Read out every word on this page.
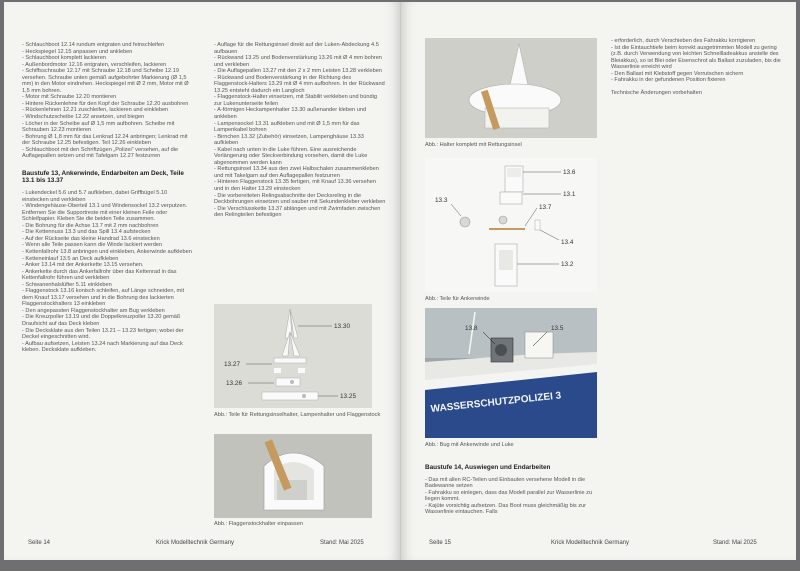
- Schlauchboot 12.14 rundum entgraten und feinschleifen
- Heckspiegel 12.15 anpassen und ankleben
- Schlauchboot komplett lackieren
- Außenbordmotor 12.16 entgraten, verschleifen, lackieren
- Schiffsschraube 12.17 mit Schraube 12.18 und Scheibe 12.19 versehen. Schraube unten gemäß aufgebohrter Markierung (Ø 1,5 mm) in den Motor eindrehen. Heckspiegel mit Ø 2 mm, Motor mit Ø 1,5 mm bohren.
- Motor mit Schraube 12.20 montieren
- Hintere Rückenlehne für den Kopf der Schraube 12.20 ausbohren
- Rückenlehnen 12.21 zuschleifen, lackieren und einkleben
- Windschutzscheibe 12.22 ansetzen, und biegen
- Löcher in der Scheibe auf Ø 1,5 mm aufbohren. Scheibe mit Schrauben 12.23 montieren
- Bohrung Ø 1,8 mm für das Lenkrad 12.24 anbringen; Lenkrad mit der Schraube 12.25 befestigen. Teil 12.26 einkleben
- Schlauchboot mit den Schriftzügen „Polizei“ versehen, auf die Auflagepallen setzen und mit Tafelgarn 12.27 festzurren
Baustufe 13, Ankerwinde, Endarbeiten am Deck, Teile 13.1 bis 13.37
- Lukendeckel 5.6 und 5.7 aufkleben, dabei Griffbügel 5.10 einstecken und verkleben
- Windengehäuse-Oberteil 13.1 und Windensockel 13.2 verputzen. Entfernen Sie die Supportreste mit einer kleinen Feile oder Schleifpapier. Kleben Sie die beiden Teile zusammen.
- Die Bohrung für die Achse 13.7 mit 2 mm nachbohren
- Die Kettennuss 13.3 und das Spill 13.4 aufstecken
- Auf der Rückseite das kleine Handrad 13.6 einstecken
- Wenn alle Teile passen kann die Winde lackiert werden
- Kettenfallrohr 13.8 anbringen und einkleben, Ankerwinde aufkleben
- Ketteneinlauf 13.5 an Deck aufkleben
- Anker 13.14 mit der Ankerkette 13.15 versehen.
- Ankerkette durch das Ankerfallrohr über das Kettenrad in das Kettenfallrohr führen und verkleben
- Schwanenhalslüfter 5.11 einkleben
- Flaggenstock 13.16 konisch schleifen, auf Länge schneiden, mit dem Knauf 13.17 versehen und in die Bohrung des lackierten Flaggenstockhalters 13 einkleben
- Den angepassten Flaggenstockhalter am Bug verkleben
- Die Kreuzpoller 13.19 und die Doppelkreuzpoller 13.20 gemäß Draufsicht auf das Deck kleben
- Die Decksklate aus den Teilen 13.21 – 13.23 fertigen; wobei der Deckel eingeschnitten wird.
- Aufbau aufsetzen, Leisten 13.24 nach Markierung auf das Deck kleben. Decksklate aufkleben.
- Auflage für die Rettungsinsel direkt auf der Luken-Abdeckung 4.5 aufbauen
- Rückwand 13.25 und Bodenverstärkung 13.26 mit Ø 4 mm bohren und verkleben
- Die Auflagepallen 13.27 mit den 2 x 2 mm Leisten 13.28 verkleben
- Rückwand und Bodenverstärkung in der Richtung des Flaggenstock-Halters 13.29 mit Ø 4 mm aufbohren. In der Rückwand 13.25 entsteht dadurch ein Langloch
- Flaggenstock-Halter einsetzen, mit Stabilit verkleben und bündig zur Lukenunterseite feilen
- A-förmigen Heckampenhalter 13.30 außenander kleben und ankleben
- Lampensockel 13.31 aufkleben und mit Ø 1,5 mm für das Lampenkabel bohren
- Birnchen 13.32 (Zubehör) einsetzen, Lampenghäuse 13.33 aufkleben
- Kabel nach unten in die Luke führen. Eine ausreichende Verlängerung oder Steckverbindung vorsehen, damit die Luke abgenommen werden kann
- Rettungsinsel 13.34 aus den zwei Halbschalen zusammenkleben und mit Takelgarn auf den Auflagepallen festzurren
- Hinteren Flaggenstock 13.35 fertigen, mit Knauf 13.36 versehen und in den Halter 13.29 einstecken
- Die vorbereiteten Relingsabschnitte der Decksreling in die Deckbohrungen einsetzen und sauber mit Sekundenkleber verkleben
- Die Verschlusskette 13.37 ablängen und mit Zwirnfaden zwischen den Relingteilen befestigen
13.30
13.27
13.26
13.25
Abb.: Teile für Rettungsinselhalter, Lampenhalter und Flaggenstock
Abb.: Flaggenstockhalter einpassen
Seite 14	Krick Modelltechnik Germany	Stand: Mai 2025
Abb.: Halter komplett mit Rettungsinsel
13.6
13.1
13.3
13.7
13.4
13.2
Abb.: Teile für Ankerwinde
WASSERSCHUTZPOLIZEI 3
13.8	13.5
Abb.: Bug mit Ankerwinde und Luke
Baustufe 14, Auswiegen und Endarbeiten
- Das mit allen RC-Teilen und Einbauten versehene Modell in die Badewanne setzen
- Fahrakku so einlegen, dass das Modell parallel zur Wasserlinie zu liegen kommt.
- Kajüte vorsichtig aufsetzen. Das Boot muss gleichmäßig bis zur Wasserlinie eintauchen. Falls
- erforderlich, durch Verschieben des Fahrakku korrigieren
- Ist die Eintauchtiefe beim korrekt ausgetrimmten Modell zu gering (z.B. durch Verwendung von leichten Schnellladeakkus anstelle des Bleiakkus), so ist Blei oder Eisenschrot als Ballast zuzuladen, bis die Wasserlinie erreicht wird
- Den Ballast mit Klebstoff gegen Verrutschen sichern
- Fahrakku in der gefundenen Position fixieren
Technische Änderungen vorbehalten
Seite 15	Krick Modelltechnik Germany	Stand: Mai 2025
